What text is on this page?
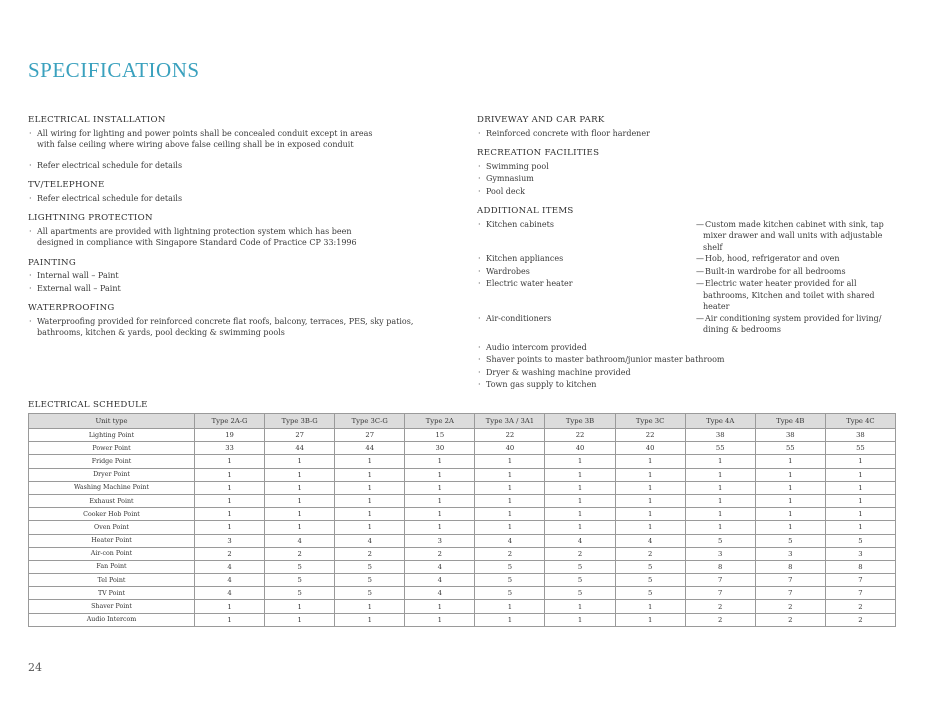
SPECIFICATIONS
ELECTRICAL INSTALLATION
· All wiring for lighting and power points shall be concealed conduit except in areas with false ceiling where wiring above false ceiling shall be in exposed conduit
· Refer electrical schedule for details
TV/TELEPHONE
· Refer electrical schedule for details
LIGHTNING PROTECTION
· All apartments are provided with lightning protection system which has been designed in compliance with Singapore Standard Code of Practice CP 33:1996
PAINTING
· Internal wall – Paint
· External wall – Paint
WATERPROOFING
· Waterproofing provided for reinforced concrete flat roofs, balcony, terraces, PES, sky patios, bathrooms, kitchen & yards, pool decking & swimming pools
DRIVEWAY AND CAR PARK
· Reinforced concrete with floor hardener
RECREATION FACILITIES
· Swimming pool
· Gymnasium
· Pool deck
ADDITIONAL ITEMS
· Kitchen cabinets	— Custom made kitchen cabinet with sink, tap mixer drawer and wall units with adjustable shelf
· Kitchen appliances	— Hob, hood, refrigerator and oven
· Wardrobes	— Built-in wardrobe for all bedrooms
· Electric water heater	— Electric water heater provided for all bathrooms, Kitchen and toilet with shared heater
· Air-conditioners	— Air conditioning system provided for living/ dining & bedrooms
· Audio intercom provided
· Shaver points to master bathroom/junior master bathroom
· Dryer & washing machine provided
· Town gas supply to kitchen
ELECTRICAL SCHEDULE
Unit type	Type 2A-G	Type 3B-G	Type 3C-G	Type 2A	Type 3A / 3A1	Type 3B	Type 3C	Type 4A	Type 4B	Type 4C
Lighting Point	19	27	27	15	22	22	22	38	38	38
Power Point	33	44	44	30	40	40	40	55	55	55
Fridge Point	1	1	1	1	1	1	1	1	1	1
Dryer Point	1	1	1	1	1	1	1	1	1	1
Washing Machine Point	1	1	1	1	1	1	1	1	1	1
Exhaust Point	1	1	1	1	1	1	1	1	1	1
Cooker Hob Point	1	1	1	1	1	1	1	1	1	1
Oven Point	1	1	1	1	1	1	1	1	1	1
Heater Point	3	4	4	3	4	4	4	5	5	5
Air-con Point	2	2	2	2	2	2	2	3	3	3
Fan Point	4	5	5	4	5	5	5	8	8	8
Tel Point	4	5	5	4	5	5	5	7	7	7
TV Point	4	5	5	4	5	5	5	7	7	7
Shaver Point	1	1	1	1	1	1	1	2	2	2
Audio Intercom	1	1	1	1	1	1	1	2	2	2
24
